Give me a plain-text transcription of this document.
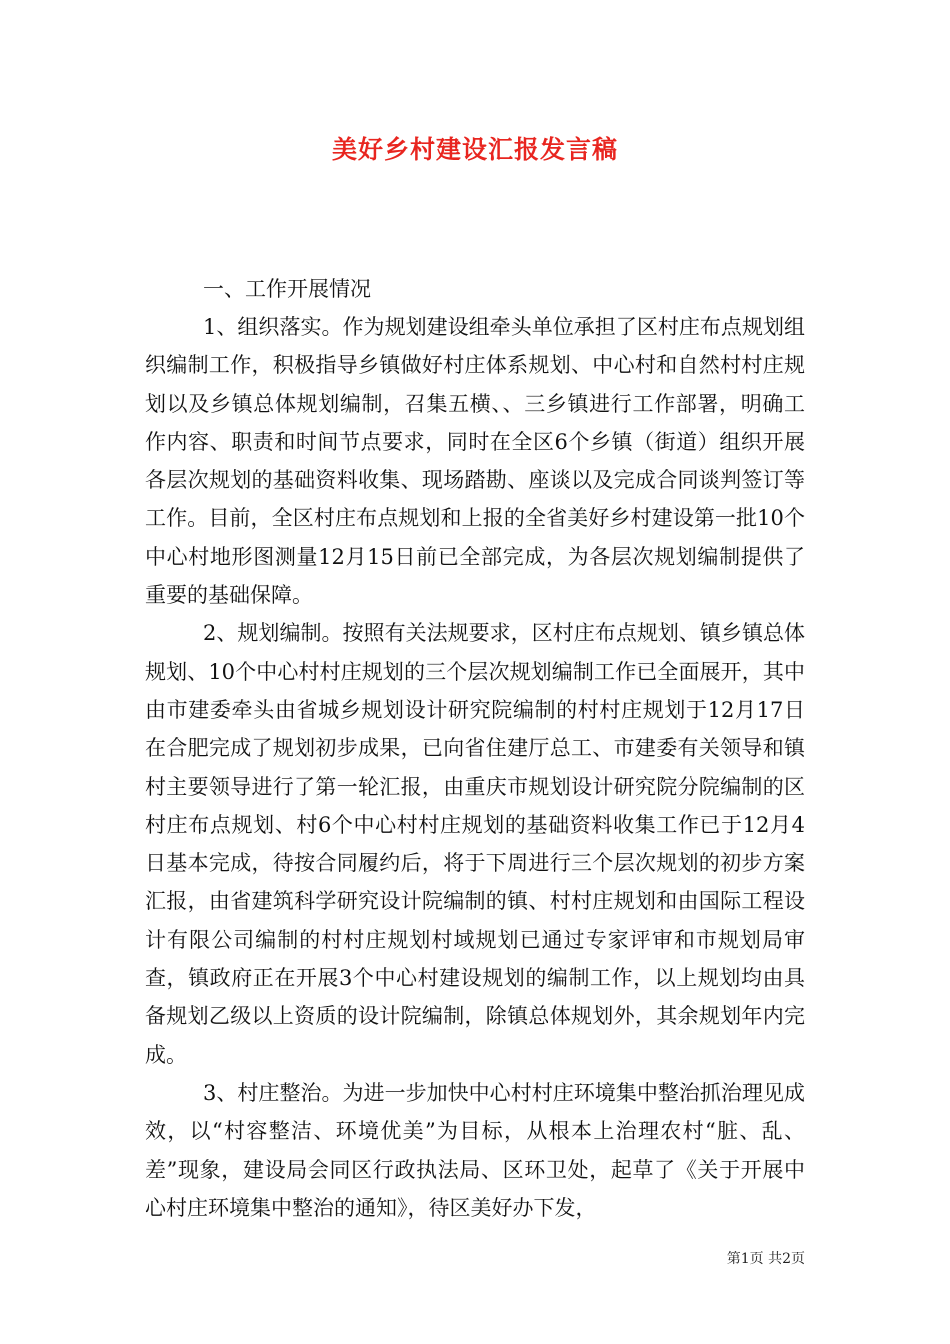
美好乡村建设汇报发言稿

一、工作开展情况

1、组织落实。作为规划建设组牵头单位承担了区村庄布点规划组织编制工作，积极指导乡镇做好村庄体系规划、中心村和自然村村庄规划以及乡镇总体规划编制，召集五横、、三乡镇进行工作部署，明确工作内容、职责和时间节点要求，同时在全区6个乡镇（街道）组织开展各层次规划的基础资料收集、现场踏勘、座谈以及完成合同谈判签订等工作。目前，全区村庄布点规划和上报的全省美好乡村建设第一批10个中心村地形图测量12月15日前已全部完成，为各层次规划编制提供了重要的基础保障。

2、规划编制。按照有关法规要求，区村庄布点规划、镇乡镇总体规划、10个中心村村庄规划的三个层次规划编制工作已全面展开，其中由市建委牵头由省城乡规划设计研究院编制的村村庄规划于12月17日在合肥完成了规划初步成果，已向省住建厅总工、市建委有关领导和镇村主要领导进行了第一轮汇报，由重庆市规划设计研究院分院编制的区村庄布点规划、村6个中心村村庄规划的基础资料收集工作已于12月4日基本完成，待按合同履约后，将于下周进行三个层次规划的初步方案汇报，由省建筑科学研究设计院编制的镇、村村庄规划和由国际工程设计有限公司编制的村村庄规划村域规划已通过专家评审和市规划局审查，镇政府正在开展3个中心村建设规划的编制工作，以上规划均由具备规划乙级以上资质的设计院编制，除镇总体规划外，其余规划年内完成。

3、村庄整治。为进一步加快中心村村庄环境集中整治抓治理见成效，以“村容整洁、环境优美”为目标，从根本上治理农村“脏、乱、差”现象，建设局会同区行政执法局、区环卫处，起草了《关于开展中心村庄环境集中整治的通知》，待区美好办下发，

第1页 共2页
